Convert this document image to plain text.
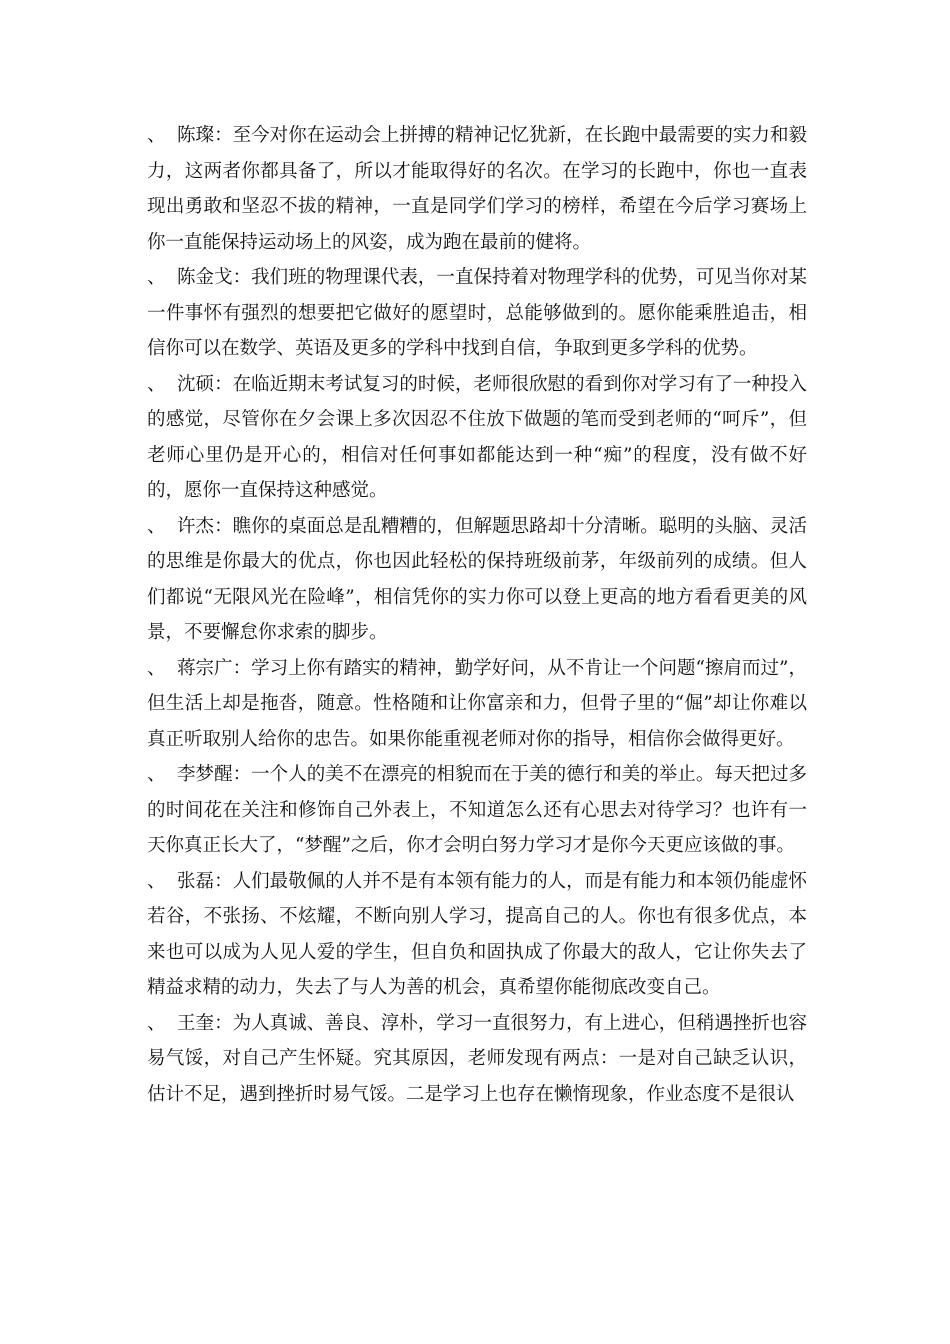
、 陈璨：至今对你在运动会上拼搏的精神记忆犹新，在长跑中最需要的实力和毅力，这两者你都具备了，所以才能取得好的名次。在学习的长跑中，你也一直表现出勇敢和坚忍不拔的精神，一直是同学们学习的榜样，希望在今后学习赛场上你一直能保持运动场上的风姿，成为跑在最前的健将。

、 陈金戈：我们班的物理课代表，一直保持着对物理学科的优势，可见当你对某一件事怀有强烈的想要把它做好的愿望时，总能够做到的。愿你能乘胜追击，相信你可以在数学、英语及更多的学科中找到自信，争取到更多学科的优势。

、 沈硕：在临近期末考试复习的时候，老师很欣慰的看到你对学习有了一种投入的感觉，尽管你在夕会课上多次因忍不住放下做题的笔而受到老师的“呵斥”，但老师心里仍是开心的，相信对任何事如都能达到一种“痴”的程度，没有做不好的，愿你一直保持这种感觉。

、 许杰：瞧你的桌面总是乱糟糟的，但解题思路却十分清晰。聪明的头脑、灵活的思维是你最大的优点，你也因此轻松的保持班级前茅，年级前列的成绩。但人们都说“无限风光在险峰”，相信凭你的实力你可以登上更高的地方看看更美的风景，不要懈怠你求索的脚步。

、 蒋宗广：学习上你有踏实的精神，勤学好问，从不肯让一个问题“擦肩而过”，但生活上却是拖沓，随意。性格随和让你富亲和力，但骨子里的“倔”却让你难以真正听取别人给你的忠告。如果你能重视老师对你的指导，相信你会做得更好。

、 李梦醒：一个人的美不在漂亮的相貌而在于美的德行和美的举止。每天把过多的时间花在关注和修饰自己外表上，不知道怎么还有心思去对待学习？也许有一天你真正长大了，“梦醒”之后，你才会明白努力学习才是你今天更应该做的事。

、 张磊：人们最敬佩的人并不是有本领有能力的人，而是有能力和本领仍能虚怀若谷，不张扬、不炫耀，不断向别人学习，提高自己的人。你也有很多优点，本来也可以成为人见人爱的学生，但自负和固执成了你最大的敌人，它让你失去了精益求精的动力，失去了与人为善的机会，真希望你能彻底改变自己。

、 王奎：为人真诚、善良、淳朴，学习一直很努力，有上进心，但稍遇挫折也容易气馁，对自己产生怀疑。究其原因，老师发现有两点：一是对自己缺乏认识，估计不足，遇到挫折时易气馁。二是学习上也存在懒惰现象，作业态度不是很认
